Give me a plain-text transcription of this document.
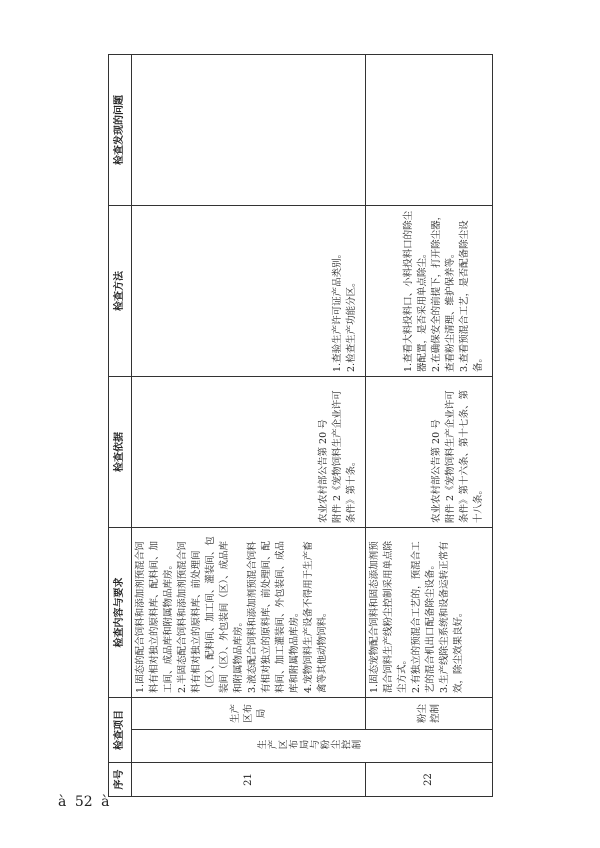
序号	检查项目		检查内容与要求	检查依据	检查方法	检查发现的问题
21	生产区布局与粉尘控制	生产区布局	1.固态的配合饲料和添加剂预混合饲料有相对独立的原料库、配料间、加工间、成品库和附属物品库房。 2.半固态配合饲料和添加剂预混合饲料有相对独立的原料库、前处理间（区）、配料间、加工间、灌装间、包装间（区）、外包装间（区）、成品库和附属物品库房。 3.液态配合饲料和添加剂预混合饲料有相对独立的原料库、前处理间、配料间、加工灌装间、外包装间、成品库和附属物品库房。 4.宠物饲料生产设备不得用于生产畜禽等其他动物饲料。	农业农村部公告第 20 号 附件 2《宠物饲料生产企业许可条件》第十条。	1.查验生产许可证产品类别。 2.检查生产功能分区。	

22		粉尘控制	1.固态宠物配合饲料和固态添加剂预混合饲料生产线粉尘控制采用单点除尘方式。 2.有独立的预混合工艺的，预混合工艺的混合机出口配备除尘设备。 3.生产线除尘系统和设备运转正常有效，除尘效果良好。	农业农村部公告第 20 号 附件 2《宠物饲料生产企业许可条件》第十六条、第十七条、第十八条。	1.查看大料投料口、小料投料口的除尘器配置，是否采用单点除尘。 2.在确保安全的前提下，打开除尘器，查看粉尘清理、维护保养等。 3.查看预混合工艺，是否配备除尘设备。	

à 52 à
